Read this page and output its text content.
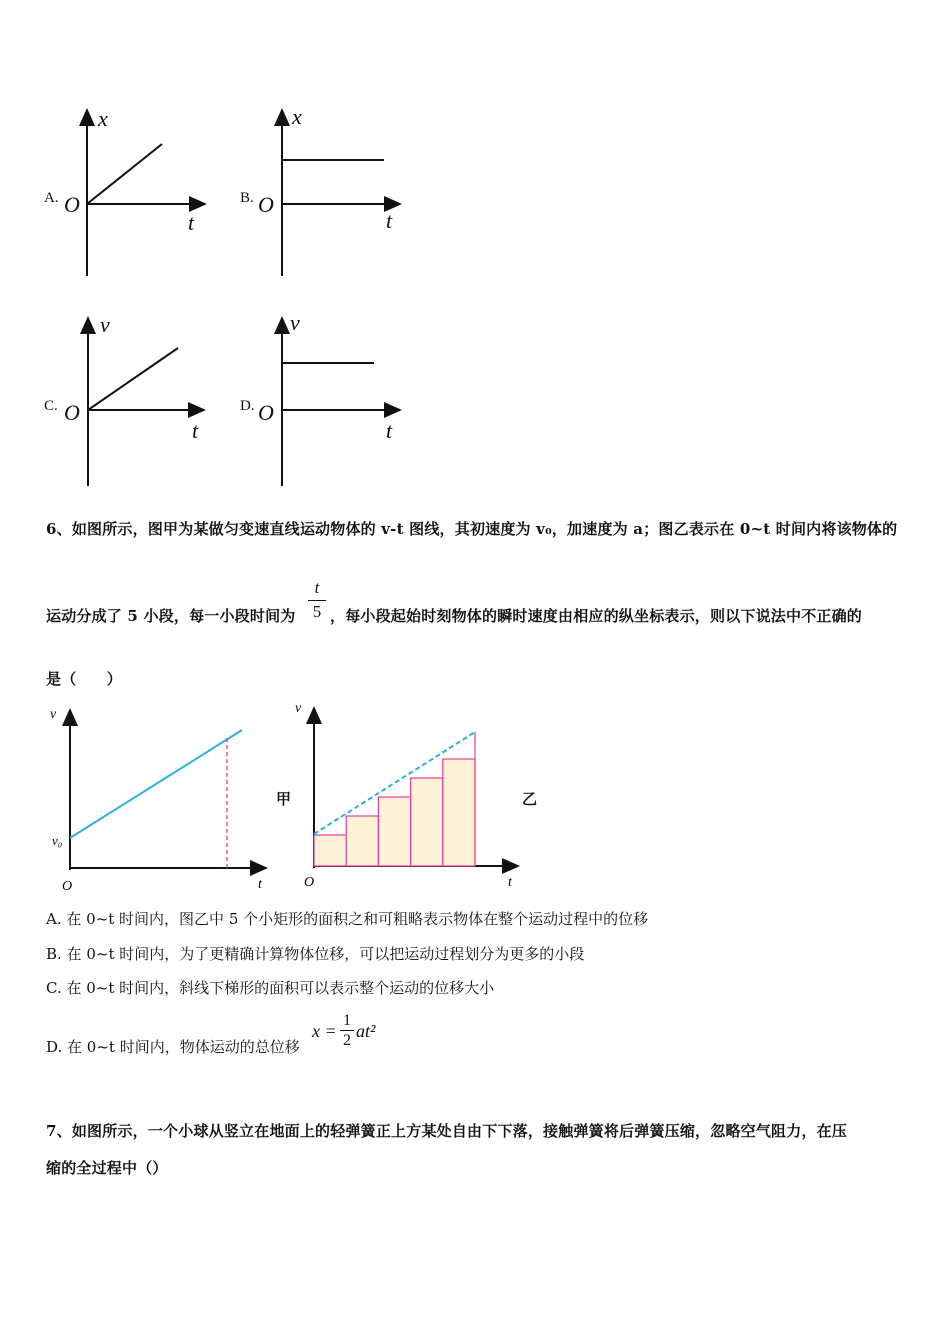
A.
x
t
O	B.
x
t
O
C.
v
t
O	D.
v
t
O
6、如图所示，图甲为某做匀变速直线运动物体的 v-t 图线，其初速度为 v₀，加速度为 a；图乙表示在 0~t 时间内将该物体的
运动分成了 5 小段，每一小段时间为
t
5 ，每小段起始时刻物体的瞬时速度由相应的纵坐标表示，则以下说法中不正确的
是（　　）
v
v₀
O	t
甲
v
O	t
乙
A. 在 0~t 时间内，图乙中 5 个小矩形的面积之和可粗略表示物体在整个运动过程中的位移
B. 在 0~t 时间内，为了更精确计算物体位移，可以把运动过程划分为更多的小段
C. 在 0~t 时间内，斜线下梯形的面积可以表示整个运动的位移大小
D. 在 0~t 时间内，物体运动的总位移
x =
1
2 at²
7、如图所示，一个小球从竖立在地面上的轻弹簧正上方某处自由下下落，接触弹簧将后弹簧压缩，忽略空气阻力，在压
缩的全过程中（）
